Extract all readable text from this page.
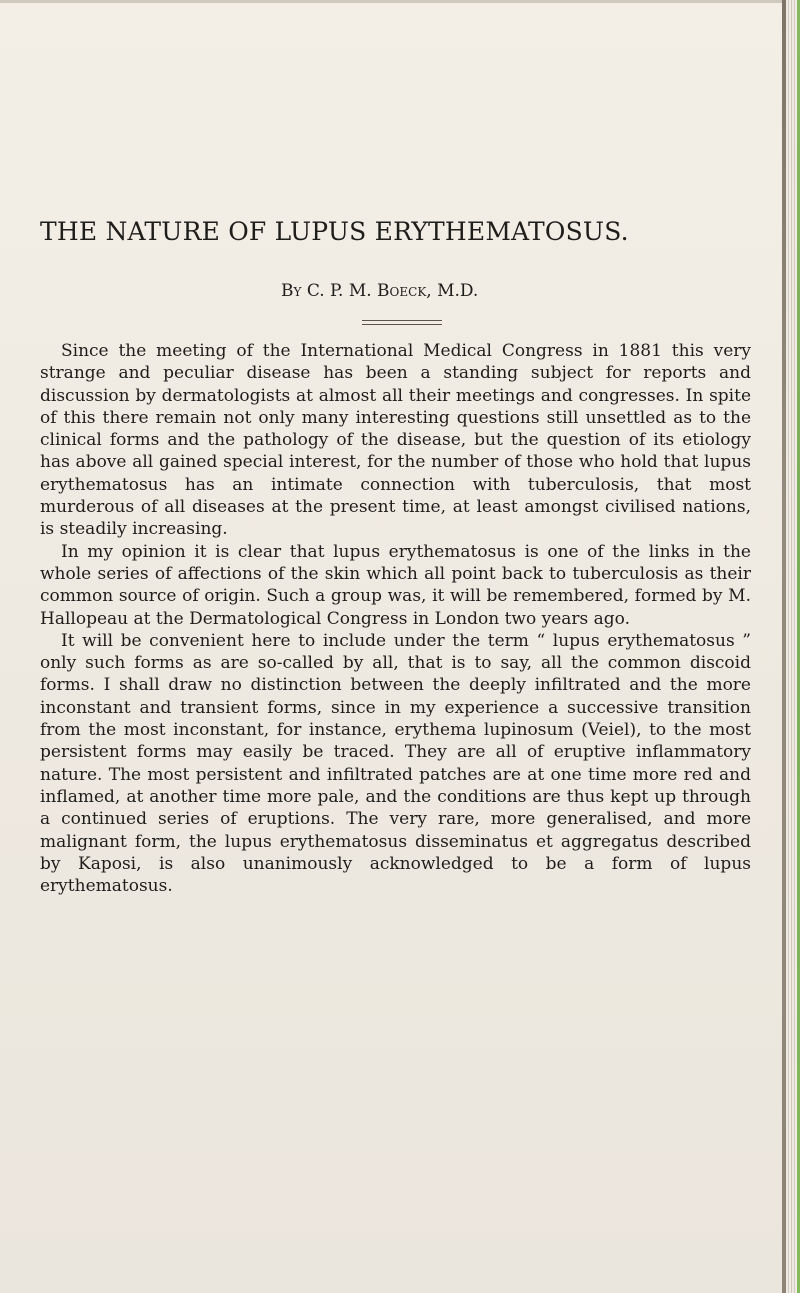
THE NATURE OF LUPUS ERYTHEMATOSUS.
By C. P. M. Boeck, M.D.

Since the meeting of the International Medical Congress in 1881 this very strange and peculiar disease has been a standing subject for reports and discussion by dermatologists at almost all their meetings and congresses. In spite of this there remain not only many interesting questions still unsettled as to the clinical forms and the pathology of the disease, but the question of its etiology has above all gained special interest, for the number of those who hold that lupus erythematosus has an intimate connection with tuberculosis, that most murderous of all diseases at the present time, at least amongst civilised nations, is steadily increasing.

In my opinion it is clear that lupus erythematosus is one of the links in the whole series of affections of the skin which all point back to tuberculosis as their common source of origin. Such a group was, it will be remembered, formed by M. Hallopeau at the Dermatological Congress in London two years ago.

It will be convenient here to include under the term “ lupus erythematosus ” only such forms as are so-called by all, that is to say, all the common discoid forms. I shall draw no distinction between the deeply infiltrated and the more inconstant and transient forms, since in my experience a successive transition from the most inconstant, for instance, erythema lupinosum (Veiel), to the most persistent forms may easily be traced. They are all of eruptive inflammatory nature. The most persistent and infiltrated patches are at one time more red and inflamed, at another time more pale, and the conditions are thus kept up through a continued series of eruptions. The very rare, more generalised, and more malignant form, the lupus erythematosus disseminatus et aggregatus described by Kaposi, is also unanimously acknowledged to be a form of lupus erythematosus.
